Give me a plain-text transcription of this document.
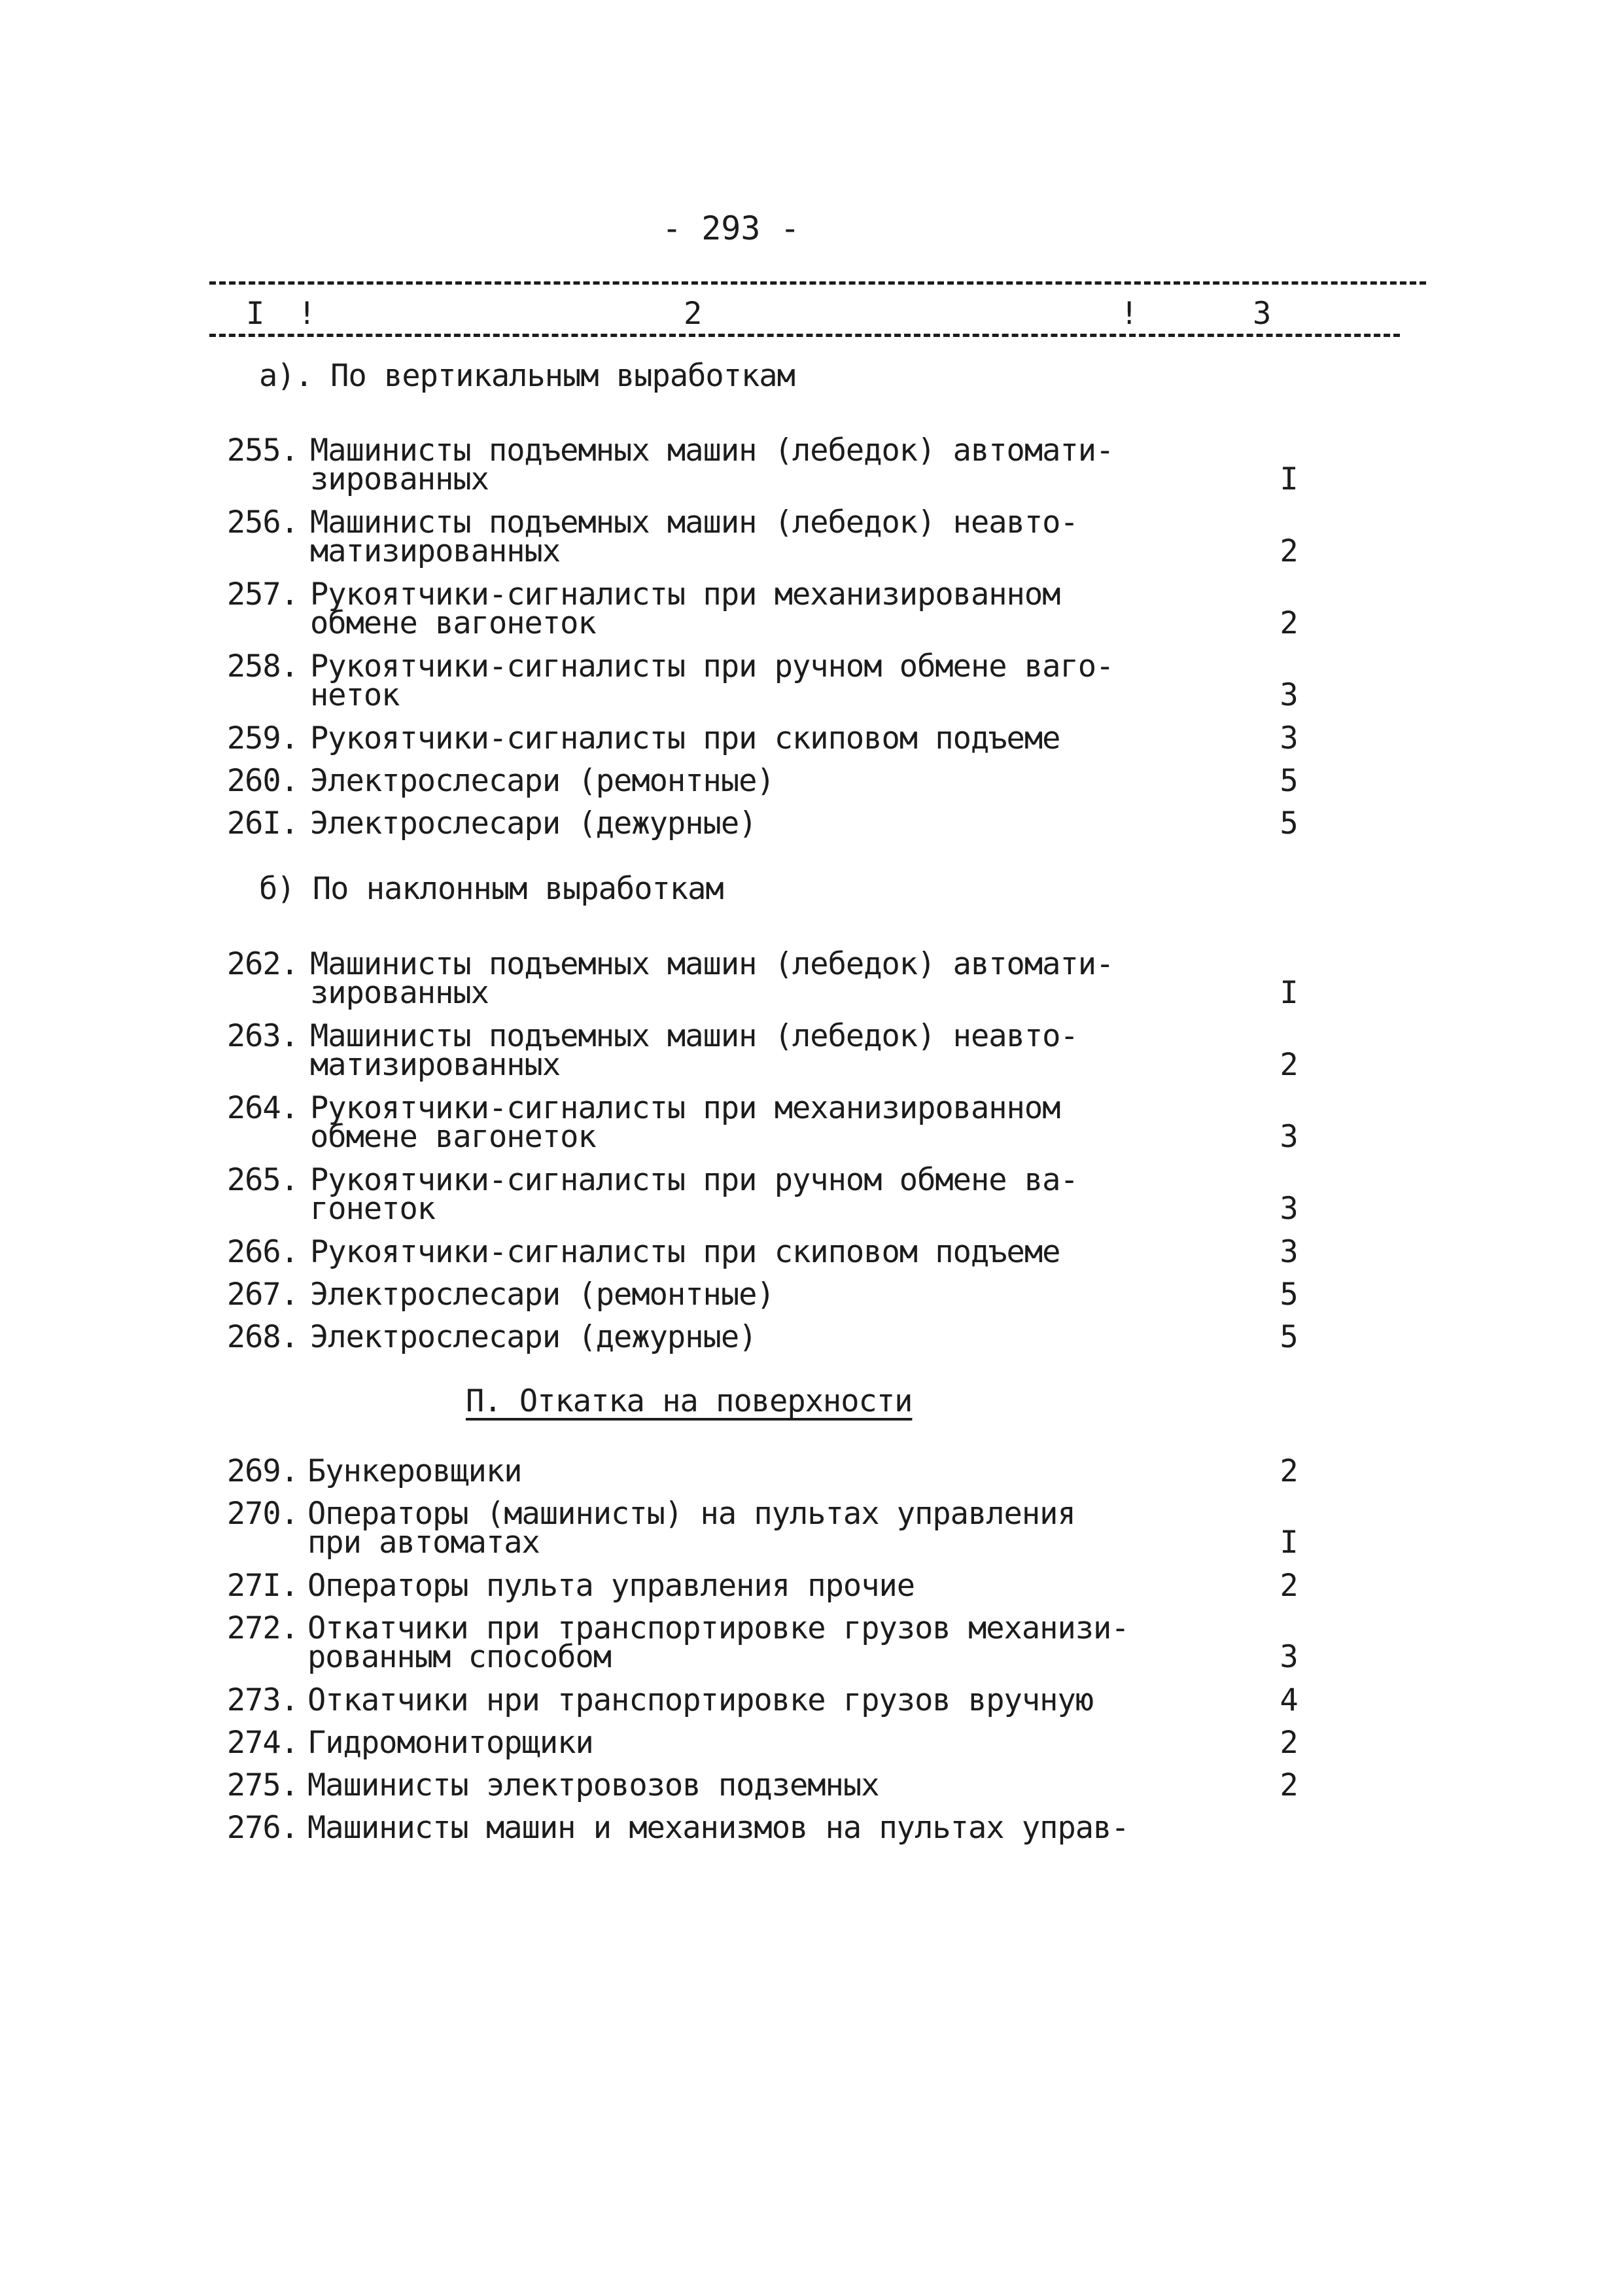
- 293 -
I !	2	!	3
а). По вертикальным выработкам
255. Машинисты подъемных машин (лебедок) автомати-
зированных	I
256. Машинисты подъемных машин (лебедок) неавто-
матизированных	2
257. Рукоятчики-сигналисты при механизированном
обмене вагонеток	2
258. Рукоятчики-сигналисты при ручном обмене ваго-
неток	3
259. Рукоятчики-сигналисты при скиповом подъеме	3
260. Электрослесари (ремонтные)	5
26I. Электрослесари (дежурные)	5
б) По наклонным выработкам
262. Машинисты подъемных машин (лебедок) автомати-
зированных	I
263. Машинисты подъемных машин (лебедок) неавто-
матизированных	2
264. Рукоятчики-сигналисты при механизированном
обмене вагонеток	3
265. Рукоятчики-сигналисты при ручном обмене ва-
гонеток	3
266. Рукоятчики-сигналисты при скиповом подъеме	3
267. Электрослесари (ремонтные)	5
268. Электрослесари (дежурные)	5
П. Откатка на поверхности
269. Бункеровщики	2
270. Операторы (машинисты) на пультах управления
при автоматах	I
27I. Операторы пульта управления прочие	2
272. Откатчики при транспортировке грузов механизи-
рованным способом	3
273. Откатчики нри транспортировке грузов вручную	4
274. Гидромониторщики	2
275. Машинисты электровозов подземных	2
276. Машинисты машин и механизмов на пультах управ-
